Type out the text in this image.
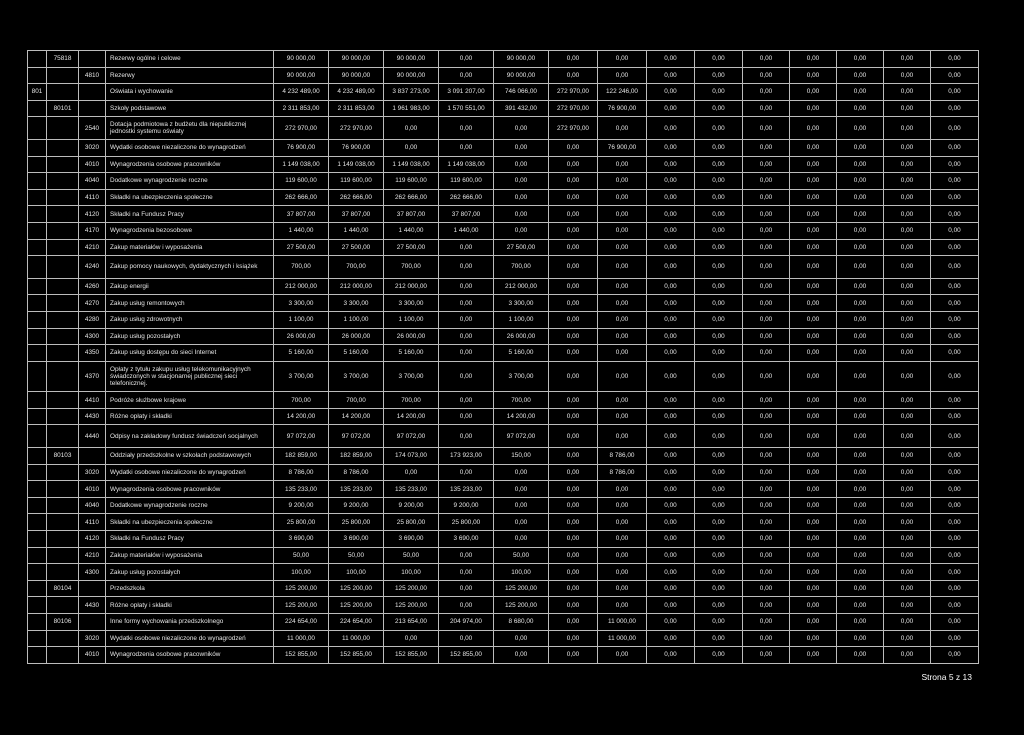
	75818		Rezerwy ogólne i celowe	90 000,00	90 000,00	90 000,00	0,00	90 000,00	0,00	0,00	0,00	0,00	0,00	0,00	0,00	0,00	0,00
		4810	Rezerwy	90 000,00	90 000,00	90 000,00	0,00	90 000,00	0,00	0,00	0,00	0,00	0,00	0,00	0,00	0,00	0,00
801			Oświata i wychowanie	4 232 489,00	4 232 489,00	3 837 273,00	3 091 207,00	746 066,00	272 970,00	122 246,00	0,00	0,00	0,00	0,00	0,00	0,00	0,00
	80101		Szkoły podstawowe	2 311 853,00	2 311 853,00	1 961 983,00	1 570 551,00	391 432,00	272 970,00	76 900,00	0,00	0,00	0,00	0,00	0,00	0,00	0,00
		2540	Dotacja podmiotowa z budżetu dla niepublicznej jednostki systemu oświaty	272 970,00	272 970,00	0,00	0,00	0,00	272 970,00	0,00	0,00	0,00	0,00	0,00	0,00	0,00	0,00
		3020	Wydatki osobowe niezaliczone do wynagrodzeń	76 900,00	76 900,00	0,00	0,00	0,00	0,00	76 900,00	0,00	0,00	0,00	0,00	0,00	0,00	0,00
		4010	Wynagrodzenia osobowe pracowników	1 149 038,00	1 149 038,00	1 149 038,00	1 149 038,00	0,00	0,00	0,00	0,00	0,00	0,00	0,00	0,00	0,00	0,00
		4040	Dodatkowe wynagrodzenie roczne	119 600,00	119 600,00	119 600,00	119 600,00	0,00	0,00	0,00	0,00	0,00	0,00	0,00	0,00	0,00	0,00
		4110	Składki na ubezpieczenia społeczne	262 666,00	262 666,00	262 666,00	262 666,00	0,00	0,00	0,00	0,00	0,00	0,00	0,00	0,00	0,00	0,00
		4120	Składki na Fundusz Pracy	37 807,00	37 807,00	37 807,00	37 807,00	0,00	0,00	0,00	0,00	0,00	0,00	0,00	0,00	0,00	0,00
		4170	Wynagrodzenia bezosobowe	1 440,00	1 440,00	1 440,00	1 440,00	0,00	0,00	0,00	0,00	0,00	0,00	0,00	0,00	0,00	0,00
		4210	Zakup materiałów i wyposażenia	27 500,00	27 500,00	27 500,00	0,00	27 500,00	0,00	0,00	0,00	0,00	0,00	0,00	0,00	0,00	0,00
		4240	Zakup pomocy naukowych, dydaktycznych i książek	700,00	700,00	700,00	0,00	700,00	0,00	0,00	0,00	0,00	0,00	0,00	0,00	0,00	0,00
		4260	Zakup energii	212 000,00	212 000,00	212 000,00	0,00	212 000,00	0,00	0,00	0,00	0,00	0,00	0,00	0,00	0,00	0,00
		4270	Zakup usług remontowych	3 300,00	3 300,00	3 300,00	0,00	3 300,00	0,00	0,00	0,00	0,00	0,00	0,00	0,00	0,00	0,00
		4280	Zakup usług zdrowotnych	1 100,00	1 100,00	1 100,00	0,00	1 100,00	0,00	0,00	0,00	0,00	0,00	0,00	0,00	0,00	0,00
		4300	Zakup usług pozostałych	26 000,00	26 000,00	26 000,00	0,00	26 000,00	0,00	0,00	0,00	0,00	0,00	0,00	0,00	0,00	0,00
		4350	Zakup usług dostępu do sieci Internet	5 160,00	5 160,00	5 160,00	0,00	5 160,00	0,00	0,00	0,00	0,00	0,00	0,00	0,00	0,00	0,00
		4370	Opłaty z tytułu zakupu usług telekomunikacyjnych świadczonych w stacjonarnej publicznej sieci telefonicznej.	3 700,00	3 700,00	3 700,00	0,00	3 700,00	0,00	0,00	0,00	0,00	0,00	0,00	0,00	0,00	0,00
		4410	Podróże służbowe krajowe	700,00	700,00	700,00	0,00	700,00	0,00	0,00	0,00	0,00	0,00	0,00	0,00	0,00	0,00
		4430	Różne opłaty i składki	14 200,00	14 200,00	14 200,00	0,00	14 200,00	0,00	0,00	0,00	0,00	0,00	0,00	0,00	0,00	0,00
		4440	Odpisy na zakładowy fundusz świadczeń socjalnych	97 072,00	97 072,00	97 072,00	0,00	97 072,00	0,00	0,00	0,00	0,00	0,00	0,00	0,00	0,00	0,00
	80103		Oddziały przedszkolne w szkołach podstawowych	182 859,00	182 859,00	174 073,00	173 923,00	150,00	0,00	8 786,00	0,00	0,00	0,00	0,00	0,00	0,00	0,00
		3020	Wydatki osobowe niezaliczone do wynagrodzeń	8 786,00	8 786,00	0,00	0,00	0,00	0,00	8 786,00	0,00	0,00	0,00	0,00	0,00	0,00	0,00
		4010	Wynagrodzenia osobowe pracowników	135 233,00	135 233,00	135 233,00	135 233,00	0,00	0,00	0,00	0,00	0,00	0,00	0,00	0,00	0,00	0,00
		4040	Dodatkowe wynagrodzenie roczne	9 200,00	9 200,00	9 200,00	9 200,00	0,00	0,00	0,00	0,00	0,00	0,00	0,00	0,00	0,00	0,00
		4110	Składki na ubezpieczenia społeczne	25 800,00	25 800,00	25 800,00	25 800,00	0,00	0,00	0,00	0,00	0,00	0,00	0,00	0,00	0,00	0,00
		4120	Składki na Fundusz Pracy	3 690,00	3 690,00	3 690,00	3 690,00	0,00	0,00	0,00	0,00	0,00	0,00	0,00	0,00	0,00	0,00
		4210	Zakup materiałów i wyposażenia	50,00	50,00	50,00	0,00	50,00	0,00	0,00	0,00	0,00	0,00	0,00	0,00	0,00	0,00
		4300	Zakup usług pozostałych	100,00	100,00	100,00	0,00	100,00	0,00	0,00	0,00	0,00	0,00	0,00	0,00	0,00	0,00
	80104		Przedszkola	125 200,00	125 200,00	125 200,00	0,00	125 200,00	0,00	0,00	0,00	0,00	0,00	0,00	0,00	0,00	0,00
		4430	Różne opłaty i składki	125 200,00	125 200,00	125 200,00	0,00	125 200,00	0,00	0,00	0,00	0,00	0,00	0,00	0,00	0,00	0,00
	80106		Inne formy wychowania przedszkolnego	224 654,00	224 654,00	213 654,00	204 974,00	8 680,00	0,00	11 000,00	0,00	0,00	0,00	0,00	0,00	0,00	0,00
		3020	Wydatki osobowe niezaliczone do wynagrodzeń	11 000,00	11 000,00	0,00	0,00	0,00	0,00	11 000,00	0,00	0,00	0,00	0,00	0,00	0,00	0,00
		4010	Wynagrodzenia osobowe pracowników	152 855,00	152 855,00	152 855,00	152 855,00	0,00	0,00	0,00	0,00	0,00	0,00	0,00	0,00	0,00	0,00
Strona 5 z 13
